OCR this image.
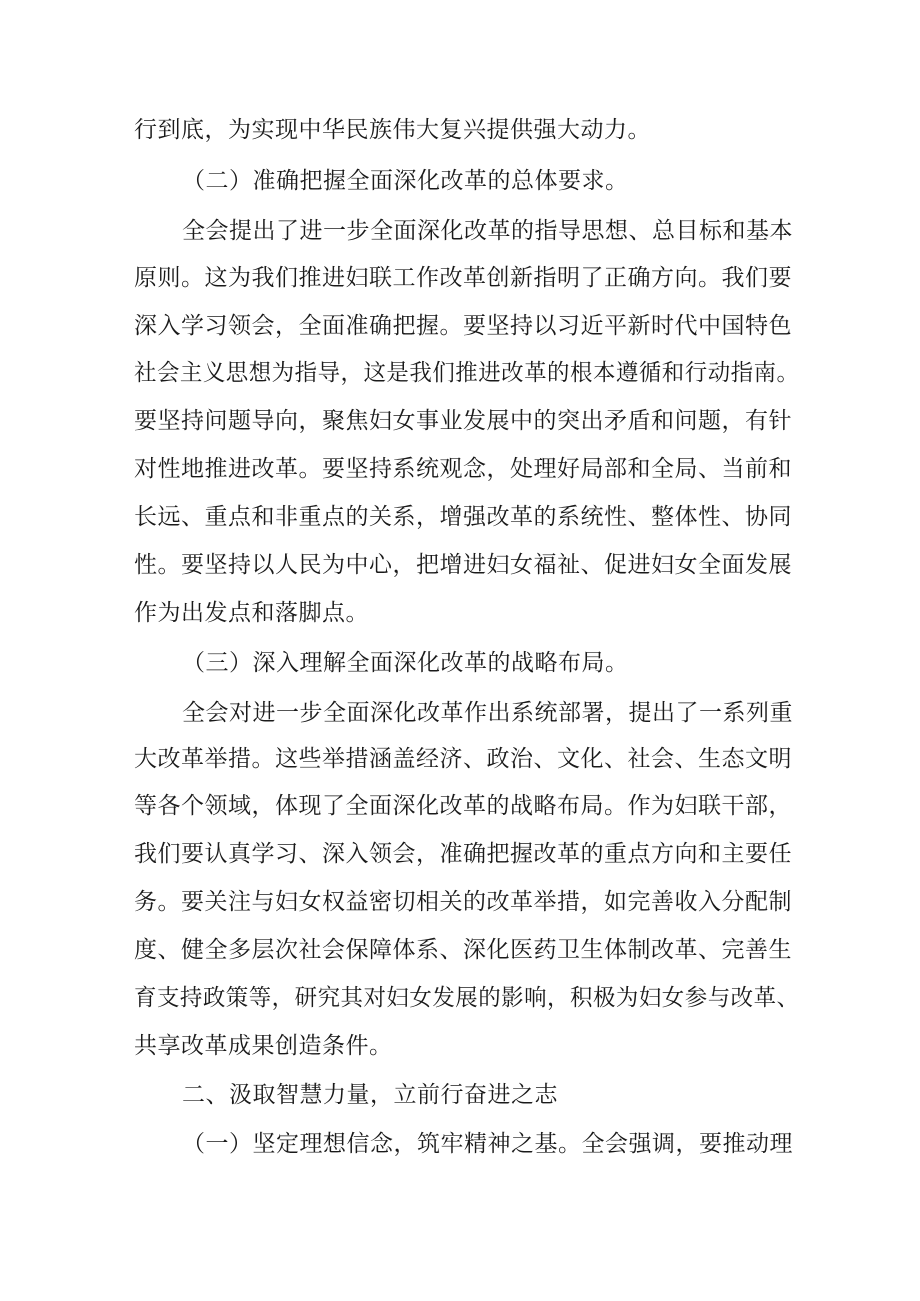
行到底，为实现中华民族伟大复兴提供强大动力。
（二）准确把握全面深化改革的总体要求。
全会提出了进一步全面深化改革的指导思想、总目标和基本
原则。这为我们推进妇联工作改革创新指明了正确方向。我们要
深入学习领会，全面准确把握。要坚持以习近平新时代中国特色
社会主义思想为指导，这是我们推进改革的根本遵循和行动指南。
要坚持问题导向，聚焦妇女事业发展中的突出矛盾和问题，有针
对性地推进改革。要坚持系统观念，处理好局部和全局、当前和
长远、重点和非重点的关系，增强改革的系统性、整体性、协同
性。要坚持以人民为中心，把增进妇女福祉、促进妇女全面发展
作为出发点和落脚点。
（三）深入理解全面深化改革的战略布局。
全会对进一步全面深化改革作出系统部署，提出了一系列重
大改革举措。这些举措涵盖经济、政治、文化、社会、生态文明
等各个领域，体现了全面深化改革的战略布局。作为妇联干部，
我们要认真学习、深入领会，准确把握改革的重点方向和主要任
务。要关注与妇女权益密切相关的改革举措，如完善收入分配制
度、健全多层次社会保障体系、深化医药卫生体制改革、完善生
育支持政策等，研究其对妇女发展的影响，积极为妇女参与改革、
共享改革成果创造条件。
二、汲取智慧力量，立前行奋进之志
（一）坚定理想信念，筑牢精神之基。全会强调，要推动理
